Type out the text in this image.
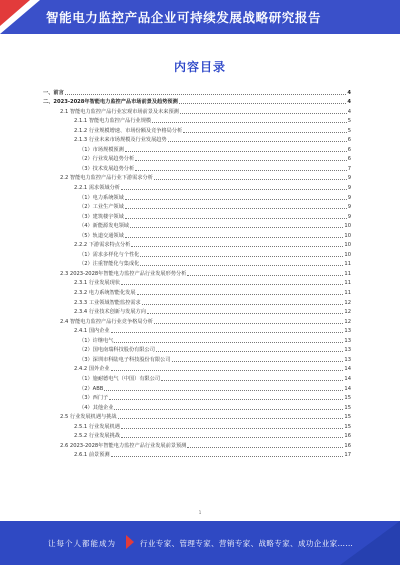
智能电力监控产品企业可持续发展战略研究报告
内容目录
一、前言	4
二、2023-2028年智能电力监控产品市场前景及趋势预测	4
2.1 智能电力监控产品行业宏观市场前景及未来预测	4
2.1.1 智能电力监控产品行业规模	5
2.1.2 行业规模增速、市场份额及竞争格局分析	5
2.1.3 行业未来市场规模及行业发展趋势	6
（1）市场规模预测	6
（2）行业发展趋势分析	6
（3）技术发展趋势分析	7
2.2 智能电力监控产品行业下游需求分析	9
2.2.1 需求领域分析	9
（1）电力系统领域	9
（2）工业生产领域	9
（3）建筑楼宇领域	9
（4）新能源发电领域	10
（5）轨道交通领域	10
2.2.2 下游需求特点分析	10
（1）需求多样化与个性化	10
（2）注重智能化与集成化	11
2.3 2023-2028年智能电力监控产品行业发展形势分析	11
2.3.1 行业发展现状	11
2.3.2 电力系统智能化发展	11
2.3.3 工业领域智能监控需求	12
2.3.4 行业技术创新与发展方向	12
2.4 智能电力监控产品行业竞争格局分析	12
2.4.1 国内企业	13
（1）许继电气	13
（2）国电南瑞科技股份有限公司	13
（3）深圳市科陆电子科技股份有限公司	13
2.4.2 国外企业	14
（1）施耐德电气（中国）有限公司	14
（2）ABB	14
（3）西门子	15
（4）其他企业	15
2.5 行业发展机遇与挑战	15
2.5.1 行业发展机遇	15
2.5.2 行业发展挑战	16
2.6 2023-2028年智能电力监控产品行业发展前景预测	16
2.6.1 前景预测	17
1
让每个人都能成为	行业专家、管理专家、营销专家、战略专家、成功企业家……
